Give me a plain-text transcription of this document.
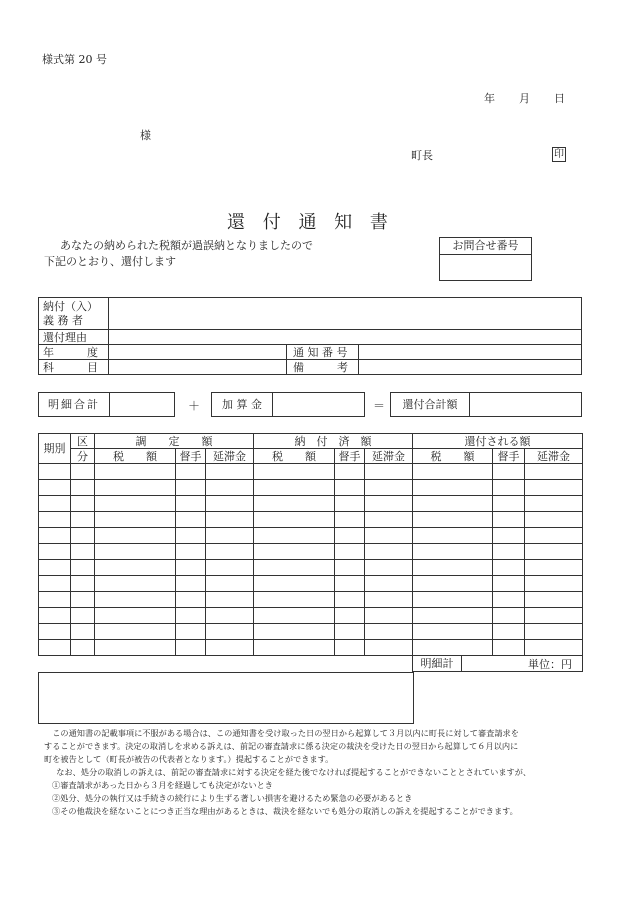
様式第 20 号
年 月 日
様
町長	印
還 付 通 知 書
あなたの納められた税額が過誤納となりましたので
下記のとおり、還付します
お問合せ番号
納付（入）
義 務 者			

還付理由			
年　　　度		通 知 番 号	
科　　　目		備　　　考	
明細合計	＋	加 算 金	＝	還付合計額
期別	区	調　　定　　額			納　付　済　額			還付される額		
	分	税　　額	督手	延滞金	税　　額	督手	延滞金	税　　額	督手	延滞金

								明細計			単位：円

　この通知書の記載事項に不服がある場合は、この通知書を受け取った日の翌日から起算して３月以内に町長に対して審査請求を

することができます。決定の取消しを求める訴えは、前記の審査請求に係る決定の裁決を受けた日の翌日から起算して６月以内に

町を被告として（町長が被告の代表者となります。）提起することができます。

　なお、処分の取消しの訴えは、前記の審査請求に対する決定を経た後でなければ提起することができないこととされていますが、

①審査請求があった日から３月を経過しても決定がないとき

②処分、処分の執行又は手続きの続行により生ずる著しい損害を避けるため緊急の必要があるとき

③その他裁決を経ないことにつき正当な理由があるときは、裁決を経ないでも処分の取消しの訴えを提起することができます。
